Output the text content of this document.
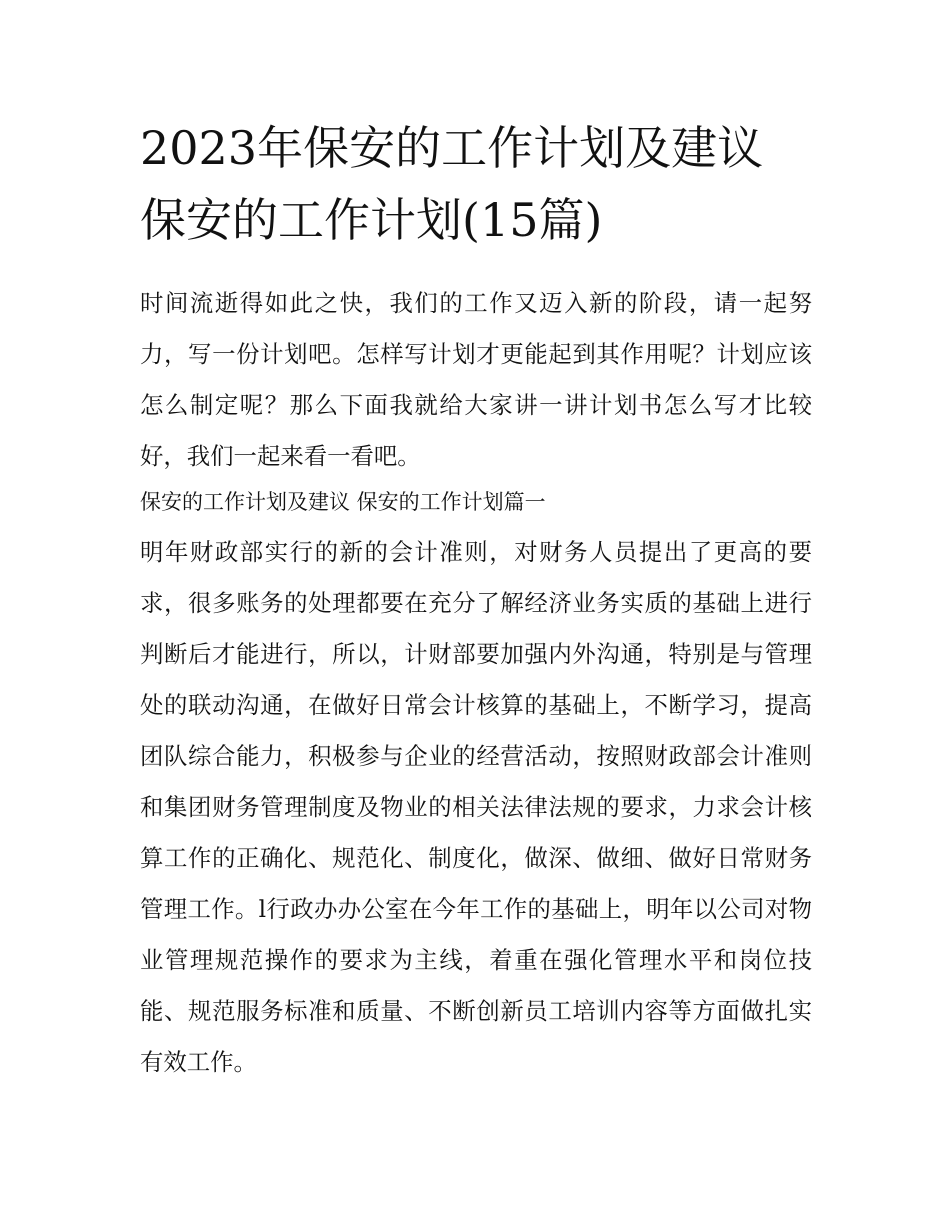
2023年保安的工作计划及建议
保安的工作计划(15篇)

时间流逝得如此之快，我们的工作又迈入新的阶段，请一起努力，写一份计划吧。怎样写计划才更能起到其作用呢？计划应该怎么制定呢？那么下面我就给大家讲一讲计划书怎么写才比较好，我们一起来看一看吧。

保安的工作计划及建议 保安的工作计划篇一

明年财政部实行的新的会计准则，对财务人员提出了更高的要求，很多账务的处理都要在充分了解经济业务实质的基础上进行判断后才能进行，所以，计财部要加强内外沟通，特别是与管理处的联动沟通，在做好日常会计核算的基础上，不断学习，提高团队综合能力，积极参与企业的经营活动，按照财政部会计准则和集团财务管理制度及物业的相关法律法规的要求，力求会计核算工作的正确化、规范化、制度化，做深、做细、做好日常财务管理工作。l行政办办公室在今年工作的基础上，明年以公司对物业管理规范操作的要求为主线，着重在强化管理水平和岗位技能、规范服务标准和质量、不断创新员工培训内容等方面做扎实有效工作。
